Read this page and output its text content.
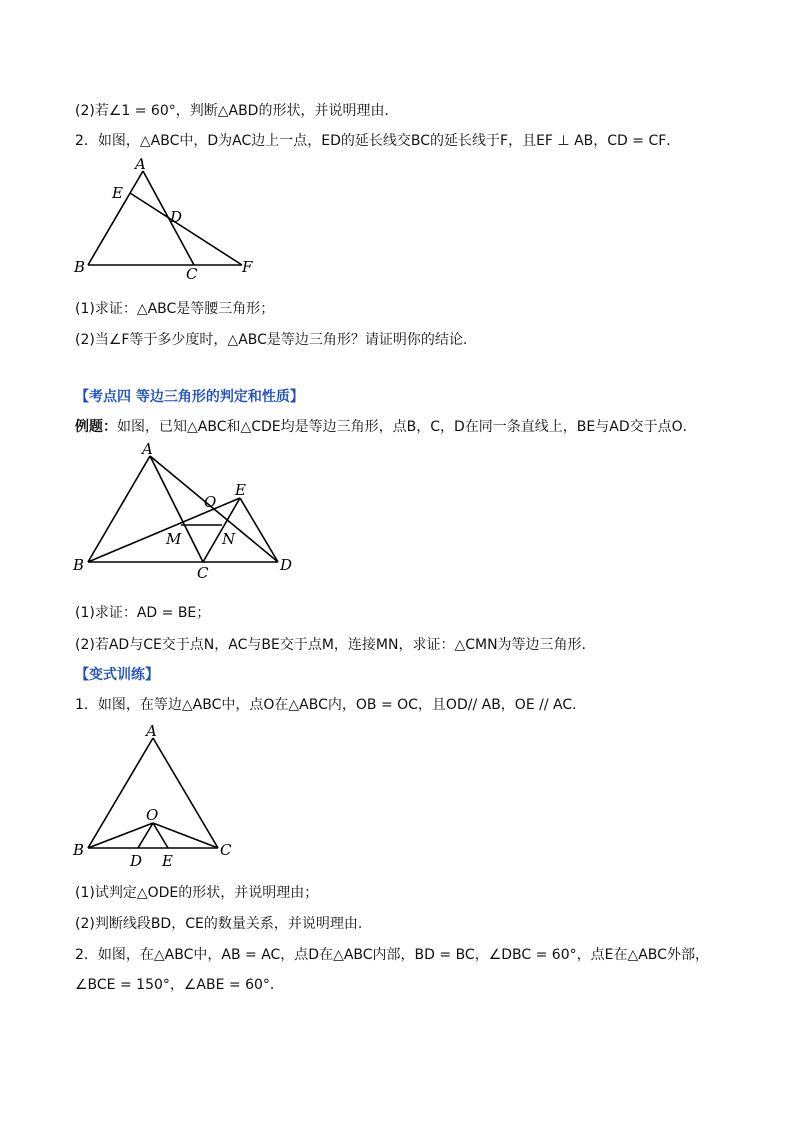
(2)若∠1 = 60°，判断△ABD的形状，并说明理由.
2．如图，△ABC中，D为AC边上一点，ED的延长线交BC的延长线于F，且EF ⊥ AB，CD = CF．
A
E
D
B	C	F
(1)求证：△ABC是等腰三角形；
(2)当∠F等于多少度时，△ABC是等边三角形？请证明你的结论.
【考点四 等边三角形的判定和性质】
例题：如图，已知△ABC和△CDE均是等边三角形，点B，C，D在同一条直线上，BE与AD交于点O．
A
O
E
M	N
B	C	D
(1)求证：AD = BE；
(2)若AD与CE交于点N，AC与BE交于点M，连接MN，求证：△CMN为等边三角形.
【变式训练】
1．如图，在等边△ABC中，点O在△ABC内，OB = OC，且OD// AB，OE // AC．
A
O
B	C
D E
(1)试判定△ODE的形状，并说明理由；
(2)判断线段BD，CE的数量关系，并说明理由.
2．如图，在△ABC中，AB = AC，点D在△ABC内部，BD = BC，∠DBC = 60°，点E在△ABC外部，
∠BCE = 150°，∠ABE = 60°．
